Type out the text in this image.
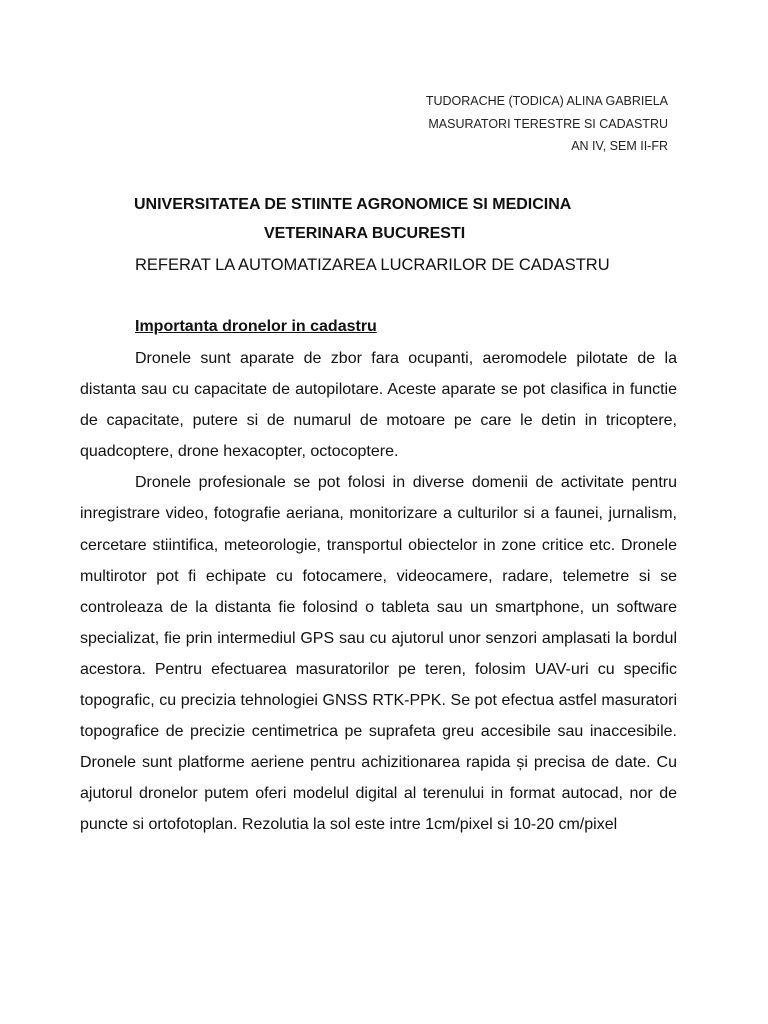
TUDORACHE (TODICA) ALINA GABRIELA
MASURATORI TERESTRE SI CADASTRU
AN IV, SEM II-FR
UNIVERSITATEA DE STIINTE AGRONOMICE SI MEDICINA
VETERINARA BUCURESTI
REFERAT LA AUTOMATIZAREA LUCRARILOR DE CADASTRU
Importanta dronelor in cadastru

Dronele sunt aparate de zbor fara ocupanti, aeromodele pilotate de la distanta sau cu capacitate de autopilotare. Aceste aparate se pot clasifica in functie de capacitate, putere si de numarul de motoare pe care le detin in tricoptere, quadcoptere, drone hexacopter, octocoptere.

Dronele profesionale se pot folosi in diverse domenii de activitate pentru inregistrare video, fotografie aeriana, monitorizare a culturilor si a faunei, jurnalism, cercetare stiintifica, meteorologie, transportul obiectelor in zone critice etc. Dronele multirotor pot fi echipate cu fotocamere, videocamere, radare, telemetre si se controleaza de la distanta fie folosind o tableta sau un smartphone, un software specializat, fie prin intermediul GPS sau cu ajutorul unor senzori amplasati la bordul acestora. Pentru efectuarea masuratorilor pe teren, folosim UAV-uri cu specific topografic, cu precizia tehnologiei GNSS RTK-PPK. Se pot efectua astfel masuratori topografice de precizie centimetrica pe suprafeta greu accesibile sau inaccesibile. Dronele sunt platforme aeriene pentru achizitionarea rapida și precisa de date. Cu ajutorul dronelor putem oferi modelul digital al terenului in format autocad, nor de puncte si ortofotoplan. Rezolutia la sol este intre 1cm/pixel si 10-20 cm/pixel
